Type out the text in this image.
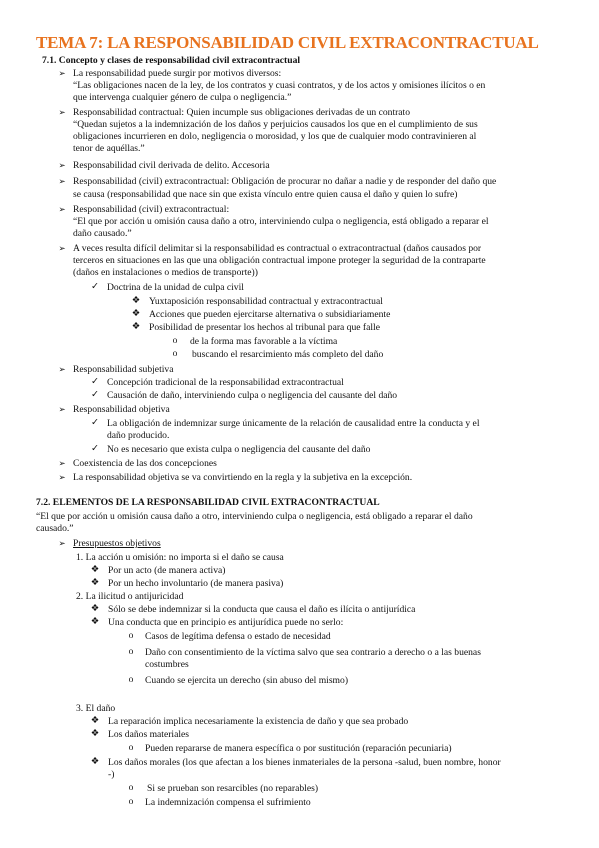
TEMA 7: LA RESPONSABILIDAD CIVIL EXTRACONTRACTUAL
7.1. Concepto y clases de responsabilidad civil extracontractual
➢ La responsabilidad puede surgir por motivos diversos:
“Las obligaciones nacen de la ley, de los contratos y cuasi contratos, y de los actos y omisiones ilícitos o en
que intervenga cualquier género de culpa o negligencia.”
➢ Responsabilidad contractual: Quien incumple sus obligaciones derivadas de un contrato
“Quedan sujetos a la indemnización de los daños y perjuicios causados los que en el cumplimiento de sus
obligaciones incurrieren en dolo, negligencia o morosidad, y los que de cualquier modo contravinieren al
tenor de aquéllas.”
➢ Responsabilidad civil derivada de delito. Accesoria
➢ Responsabilidad (civil) extracontractual: Obligación de procurar no dañar a nadie y de responder del daño que
se causa (responsabilidad que nace sin que exista vínculo entre quien causa el daño y quien lo sufre)
➢ Responsabilidad (civil) extracontractual:
“El que por acción u omisión causa daño a otro, interviniendo culpa o negligencia, está obligado a reparar el
daño causado.”
➢ A veces resulta difícil delimitar si la responsabilidad es contractual o extracontractual (daños causados por
terceros en situaciones en las que una obligación contractual impone proteger la seguridad de la contraparte
(daños en instalaciones o medios de transporte))
✓ Doctrina de la unidad de culpa civil
❖ Yuxtaposición responsabilidad contractual y extracontractual
❖ Acciones que pueden ejercitarse alternativa o subsidiariamente
❖ Posibilidad de presentar los hechos al tribunal para que falle
o	de la forma mas favorable a la víctima
o	buscando el resarcimiento más completo del daño
➢ Responsabilidad subjetiva
✓ Concepción tradicional de la responsabilidad extracontractual
✓ Causación de daño, interviniendo culpa o negligencia del causante del daño
➢ Responsabilidad objetiva
✓ La obligación de indemnizar surge únicamente de la relación de causalidad entre la conducta y el
daño producido.
✓ No es necesario que exista culpa o negligencia del causante del daño
➢ Coexistencia de las dos concepciones
➢ La responsabilidad objetiva se va convirtiendo en la regla y la subjetiva en la excepción.
7.2. ELEMENTOS DE LA RESPONSABILIDAD CIVIL EXTRACONTRACTUAL
“El que por acción u omisión causa daño a otro, interviniendo culpa o negligencia, está obligado a reparar el daño
causado.”
➢ Presupuestos objetivos
1. La acción u omisión: no importa si el daño se causa
❖ Por un acto (de manera activa)
❖ Por un hecho involuntario (de manera pasiva)
2. La ilicitud o antijuricidad
❖ Sólo se debe indemnizar si la conducta que causa el daño es ilícita o antijurídica
❖ Una conducta que en principio es antijurídica puede no serlo:
o	Casos de legítima defensa o estado de necesidad
o	Daño con consentimiento de la víctima salvo que sea contrario a derecho o a las buenas
costumbres
o	Cuando se ejercita un derecho (sin abuso del mismo)
3. El daño
❖ La reparación implica necesariamente la existencia de daño y que sea probado
❖ Los daños materiales
o	Pueden repararse de manera específica o por sustitución (reparación pecuniaria)
❖ Los daños morales (los que afectan a los bienes inmateriales de la persona -salud, buen nombre, honor
-)
o	Si se prueban son resarcibles (no reparables)
o	La indemnización compensa el sufrimiento
